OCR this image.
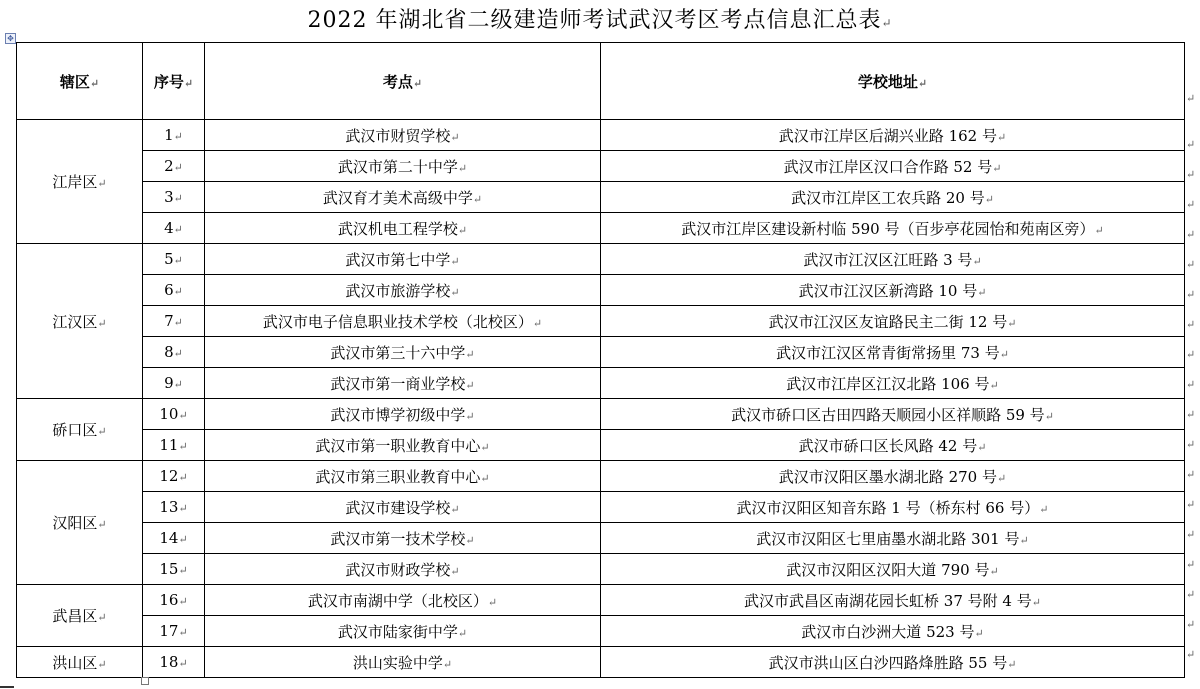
2022 年湖北省二级建造师考试武汉考区考点信息汇总表↵
✥
辖区↵	序号↵	考点↵	学校地址↵
江岸区↵	1↵	武汉市财贸学校↵	武汉市江岸区后湖兴业路 162 号↵
	2↵	武汉市第二十中学↵	武汉市江岸区汉口合作路 52 号↵
	3↵	武汉育才美术高级中学↵	武汉市江岸区工农兵路 20 号↵
	4↵	武汉机电工程学校↵	武汉市江岸区建设新村临 590 号（百步亭花园怡和苑南区旁）↵
江汉区↵	5↵	武汉市第七中学↵	武汉市江汉区江旺路 3 号↵
	6↵	武汉市旅游学校↵	武汉市江汉区新湾路 10 号↵
	7↵	武汉市电子信息职业技术学校（北校区）↵	武汉市江汉区友谊路民主二街 12 号↵
	8↵	武汉市第三十六中学↵	武汉市江汉区常青街常扬里 73 号↵
	9↵	武汉市第一商业学校↵	武汉市江岸区江汉北路 106 号↵
硚口区↵	10↵	武汉市博学初级中学↵	武汉市硚口区古田四路天顺园小区祥顺路 59 号↵
	11↵	武汉市第一职业教育中心↵	武汉市硚口区长风路 42 号↵
汉阳区↵	12↵	武汉市第三职业教育中心↵	武汉市汉阳区墨水湖北路 270 号↵
	13↵	武汉市建设学校↵	武汉市汉阳区知音东路 1 号（桥东村 66 号）↵
	14↵	武汉市第一技术学校↵	武汉市汉阳区七里庙墨水湖北路 301 号↵
	15↵	武汉市财政学校↵	武汉市汉阳区汉阳大道 790 号↵
武昌区↵	16↵	武汉市南湖中学（北校区）↵	武汉市武昌区南湖花园长虹桥 37 号附 4 号↵
	17↵	武汉市陆家街中学↵	武汉市白沙洲大道 523 号↵
洪山区↵	18↵	洪山实验中学↵	武汉市洪山区白沙四路烽胜路 55 号↵
↵
↵
↵
↵
↵
↵
↵
↵
↵
↵
↵
↵
↵
↵
↵
↵
↵
↵
↵
